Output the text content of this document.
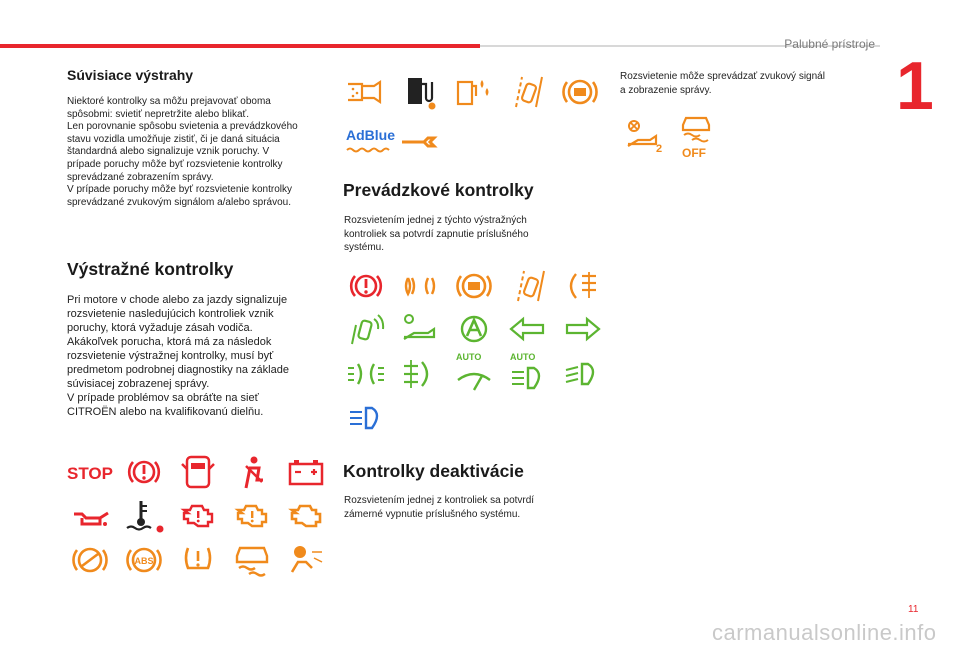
Palubné prístroje
1
Súvisiace výstrahy
Niektoré kontrolky sa môžu prejavovať oboma
spôsobmi: svietiť nepretržite alebo blikať.
Len porovnanie spôsobu svietenia a prevádzkového
stavu vozidla umožňuje zistiť, či je daná situácia
štandardná alebo signalizuje vznik poruchy. V
prípade poruchy môže byť rozsvietenie kontrolky
sprevádzané zobrazením správy.
V prípade poruchy môže byť rozsvietenie kontrolky
sprevádzané zvukovým signálom a/alebo správou.
Výstražné kontrolky
Pri motore v chode alebo za jazdy signalizuje
rozsvietenie nasledujúcich kontroliek vznik
poruchy, ktorá vyžaduje zásah vodiča.
Akákoľvek porucha, ktorá má za následok
rozsvietenie výstražnej kontrolky, musí byť
predmetom podrobnej diagnostiky na základe
súvisiacej zobrazenej správy.
V prípade problémov sa obráťte na sieť
CITROËN alebo na kvalifikovanú dielňu.
STOP
ABS
AdBlue
Prevádzkové kontrolky
Rozsvietením jednej z týchto výstražných
kontroliek sa potvrdí zapnutie príslušného
systému.
AUTO	AUTO
Kontrolky deaktivácie
Rozsvietením jednej z kontroliek sa potvrdí
zámerné vypnutie príslušného systému.
Rozsvietenie môže sprevádzať zvukový signál
a zobrazenie správy.
2 OFF
11
carmanualsonline.info
